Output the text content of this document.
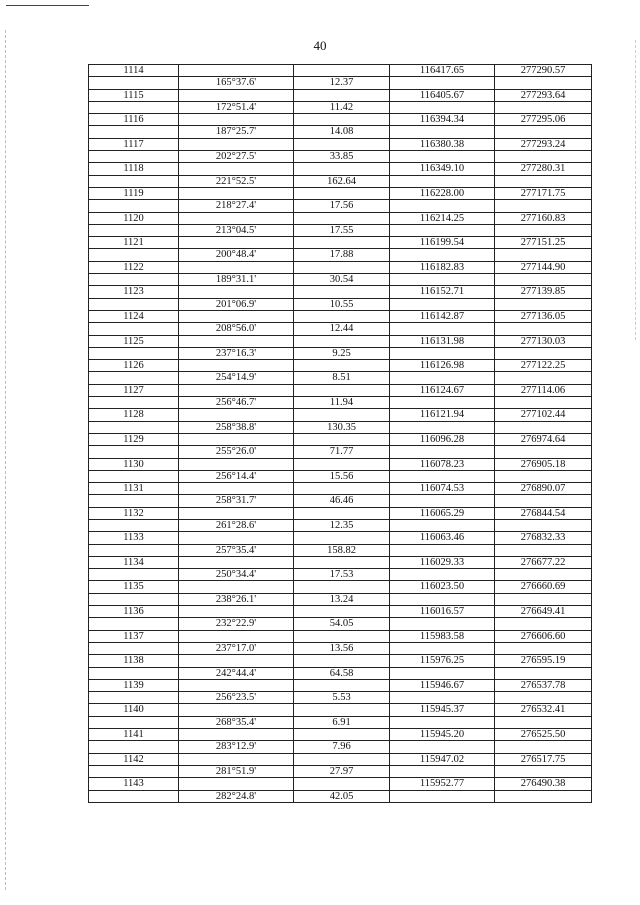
40
1114			116417.65	277290.57
	165°37.6'	12.37		
1115			116405.67	277293.64
	172°51.4'	11.42		
1116			116394.34	277295.06
	187°25.7'	14.08		
1117			116380.38	277293.24
	202°27.5'	33.85		
1118			116349.10	277280.31
	221°52.5'	162.64		
1119			116228.00	277171.75
	218°27.4'	17.56		
1120			116214.25	277160.83
	213°04.5'	17.55		
1121			116199.54	277151.25
	200°48.4'	17.88		
1122			116182.83	277144.90
	189°31.1'	30.54		
1123			116152.71	277139.85
	201°06.9'	10.55		
1124			116142.87	277136.05
	208°56.0'	12.44		
1125			116131.98	277130.03
	237°16.3'	9.25		
1126			116126.98	277122.25
	254°14.9'	8.51		
1127			116124.67	277114.06
	256°46.7'	11.94		
1128			116121.94	277102.44
	258°38.8'	130.35		
1129			116096.28	276974.64
	255°26.0'	71.77		
1130			116078.23	276905.18
	256°14.4'	15.56		
1131			116074.53	276890.07
	258°31.7'	46.46		
1132			116065.29	276844.54
	261°28.6'	12.35		
1133			116063.46	276832.33
	257°35.4'	158.82		
1134			116029.33	276677.22
	250°34.4'	17.53		
1135			116023.50	276660.69
	238°26.1'	13.24		
1136			116016.57	276649.41
	232°22.9'	54.05		
1137			115983.58	276606.60
	237°17.0'	13.56		
1138			115976.25	276595.19
	242°44.4'	64.58		
1139			115946.67	276537.78
	256°23.5'	5.53		
1140			115945.37	276532.41
	268°35.4'	6.91		
1141			115945.20	276525.50
	283°12.9'	7.96		
1142			115947.02	276517.75
	281°51.9'	27.97		
1143			115952.77	276490.38
	282°24.8'	42.05		
